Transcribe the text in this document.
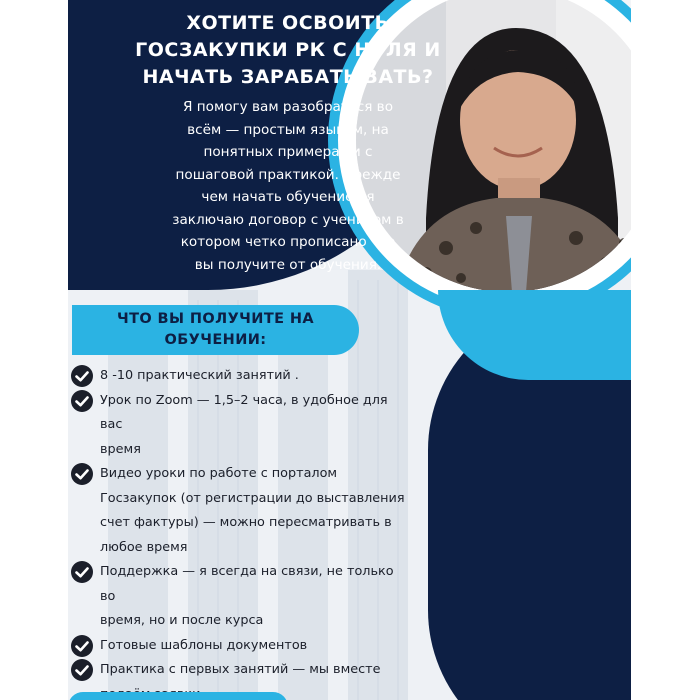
ХОТИТЕ ОСВОИТЬ
ГОСЗАКУПКИ РК С НУЛЯ И
НАЧАТЬ ЗАРАБАТЫВАТЬ?
Я помогу вам разобраться во
всём — простым языком, на
понятных примерах и с
пошаговой практикой. Прежде
чем начать обучение , я
заключаю договор с учеником в
котором четко прописано что
вы получите от обучения.
ЧТО ВЫ ПОЛУЧИТЕ НА
ОБУЧЕНИИ:
8 -10 практический занятий .
Урок по Zoom — 1,5–2 часа, в удобное для вас
время
Видео уроки по работе с порталом
Госзакупок (от регистрации до выставления
счет фактуры) — можно пересматривать в
любое время
Поддержка — я всегда на связи, не только во
время, но и после курса
Готовые шаблоны документов
Практика с первых занятий — мы вместе
